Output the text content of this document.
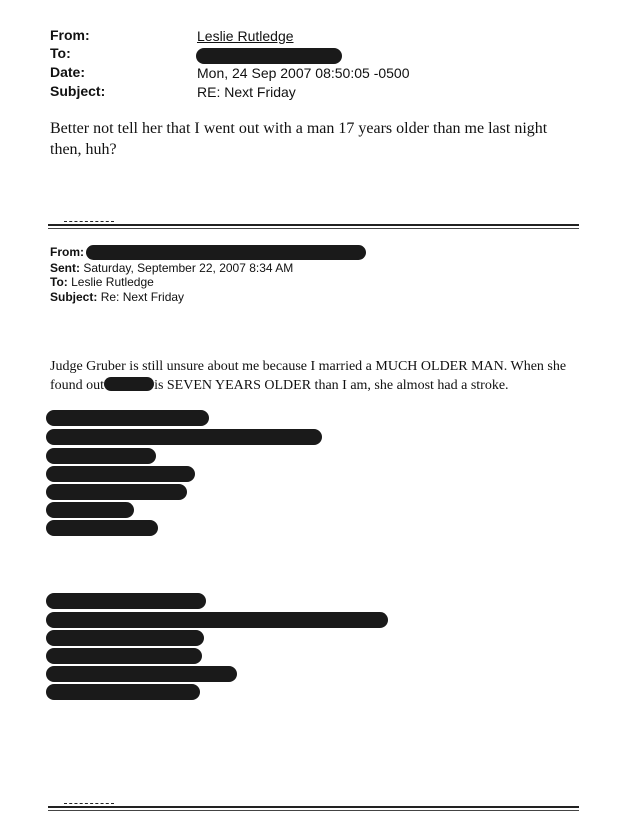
From:	Leslie Rutledge
To:
Date:	Mon, 24 Sep 2007 08:50:05 -0500
Subject:	RE: Next Friday
Better not tell her that I went out with a man 17 years older than me last night then, huh?
From:
Sent: Saturday, September 22, 2007 8:34 AM
To: Leslie Rutledge
Subject: Re: Next Friday
Judge Gruber is still unsure about me because I married a MUCH OLDER MAN. When she found out	is SEVEN YEARS OLDER than I am, she almost had a stroke.
